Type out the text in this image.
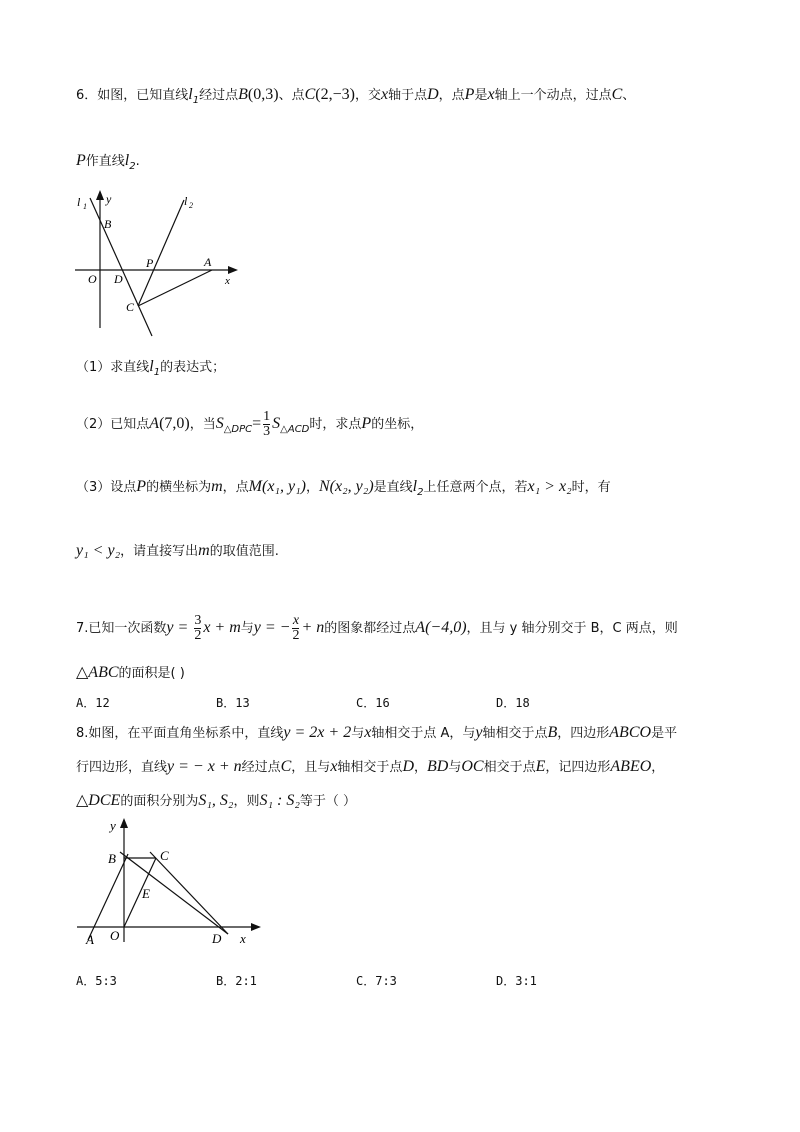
6．如图，已知直线$l_1$经过点B(0,3)、点C(2,−3)，交x轴于点D，点P是x轴上一个动点，过点C、
P作直线$l_2$.
l 1
y	l 2
B
P	A
O D	x
C
（1）求直线$l_1$的表达式；
（2）已知点A(7,0)，当$S_{\triangle DPC}= \frac{1}{3} S_{\triangle ACD}$时，求点P的坐标，
（3）设点P的横坐标为m，点M(x₁, y₁)，N(x₂, y₂)是直线$l_2$上任意两个点，若x₁ > x₂时，有
y₁ < y₂，请直接写出m的取值范围.
7.已知一次函数$y = \frac{3}{2}$ x + m与y = − $\frac{x}{2} + n$的图象都经过点A(−4,0)，且与 y 轴分别交于 B，C 两点，则
△ABC的面积是( )
A．12	B．13	C．16	D．18
8.如图，在平面直角坐标系中，直线y = 2x + 2与x轴相交于点 A，与y轴相交于点B，四边形ABCO是平
行四边形，直线y = − x + n经过点C，且与x轴相交于点D，BD与OC相交于点E，记四边形ABEO，
△DCE的面积分别为S₁, S₂，则S₁ : S₂等于（ ）
y
B	C
E
A O	D x
A．5:3	B．2:1	C．7:3	D．3:1
